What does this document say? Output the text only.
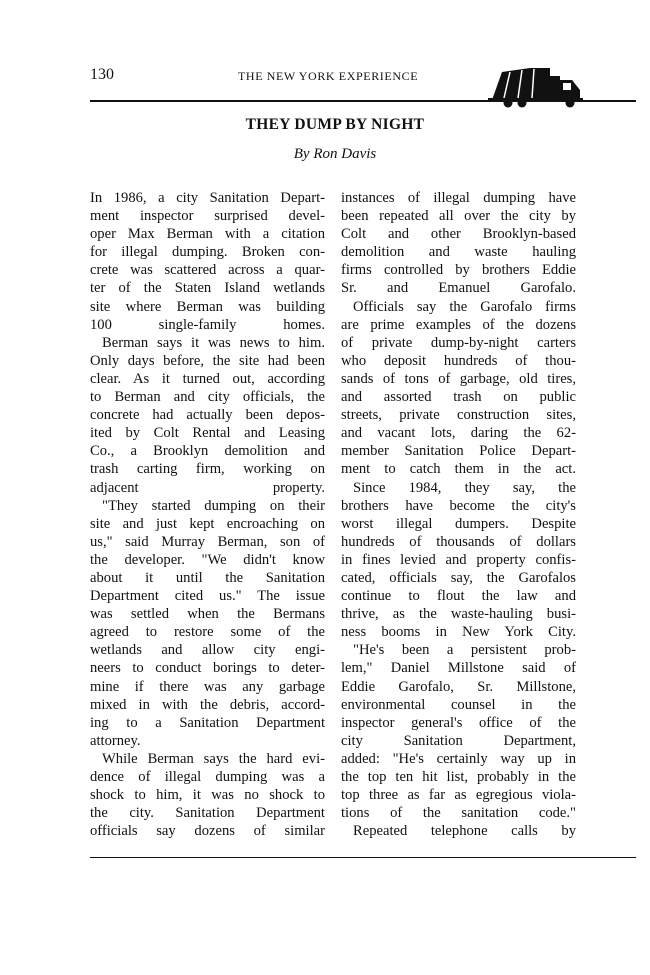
130	THE NEW YORK EXPERIENCE
THEY DUMP BY NIGHT
By Ron Davis
In 1986, a city Sanitation Depart-
ment inspector surprised devel-
oper Max Berman with a citation
for illegal dumping. Broken con-
crete was scattered across a quar-
ter of the Staten Island wetlands
site where Berman was building
100 single-family homes.
Berman says it was news to him.
Only days before, the site had been
clear. As it turned out, according
to Berman and city officials, the
concrete had actually been depos-
ited by Colt Rental and Leasing
Co., a Brooklyn demolition and
trash carting firm, working on
adjacent property.
"They started dumping on their
site and just kept encroaching on
us," said Murray Berman, son of
the developer. "We didn't know
about it until the Sanitation
Department cited us." The issue
was settled when the Bermans
agreed to restore some of the
wetlands and allow city engi-
neers to conduct borings to deter-
mine if there was any garbage
mixed in with the debris, accord-
ing to a Sanitation Department
attorney.
While Berman says the hard evi-
dence of illegal dumping was a
shock to him, it was no shock to
the city. Sanitation Department
officials say dozens of similar
instances of illegal dumping have
been repeated all over the city by
Colt and other Brooklyn-based
demolition and waste hauling
firms controlled by brothers Eddie
Sr. and Emanuel Garofalo.
Officials say the Garofalo firms
are prime examples of the dozens
of private dump-by-night carters
who deposit hundreds of thou-
sands of tons of garbage, old tires,
and assorted trash on public
streets, private construction sites,
and vacant lots, daring the 62-
member Sanitation Police Depart-
ment to catch them in the act.
Since 1984, they say, the
brothers have become the city's
worst illegal dumpers. Despite
hundreds of thousands of dollars
in fines levied and property confis-
cated, officials say, the Garofalos
continue to flout the law and
thrive, as the waste-hauling busi-
ness booms in New York City.
"He's been a persistent prob-
lem," Daniel Millstone said of
Eddie Garofalo, Sr. Millstone,
environmental counsel in the
inspector general's office of the
city Sanitation Department,
added: "He's certainly way up in
the top ten hit list, probably in the
top three as far as egregious viola-
tions of the sanitation code."
Repeated telephone calls by
